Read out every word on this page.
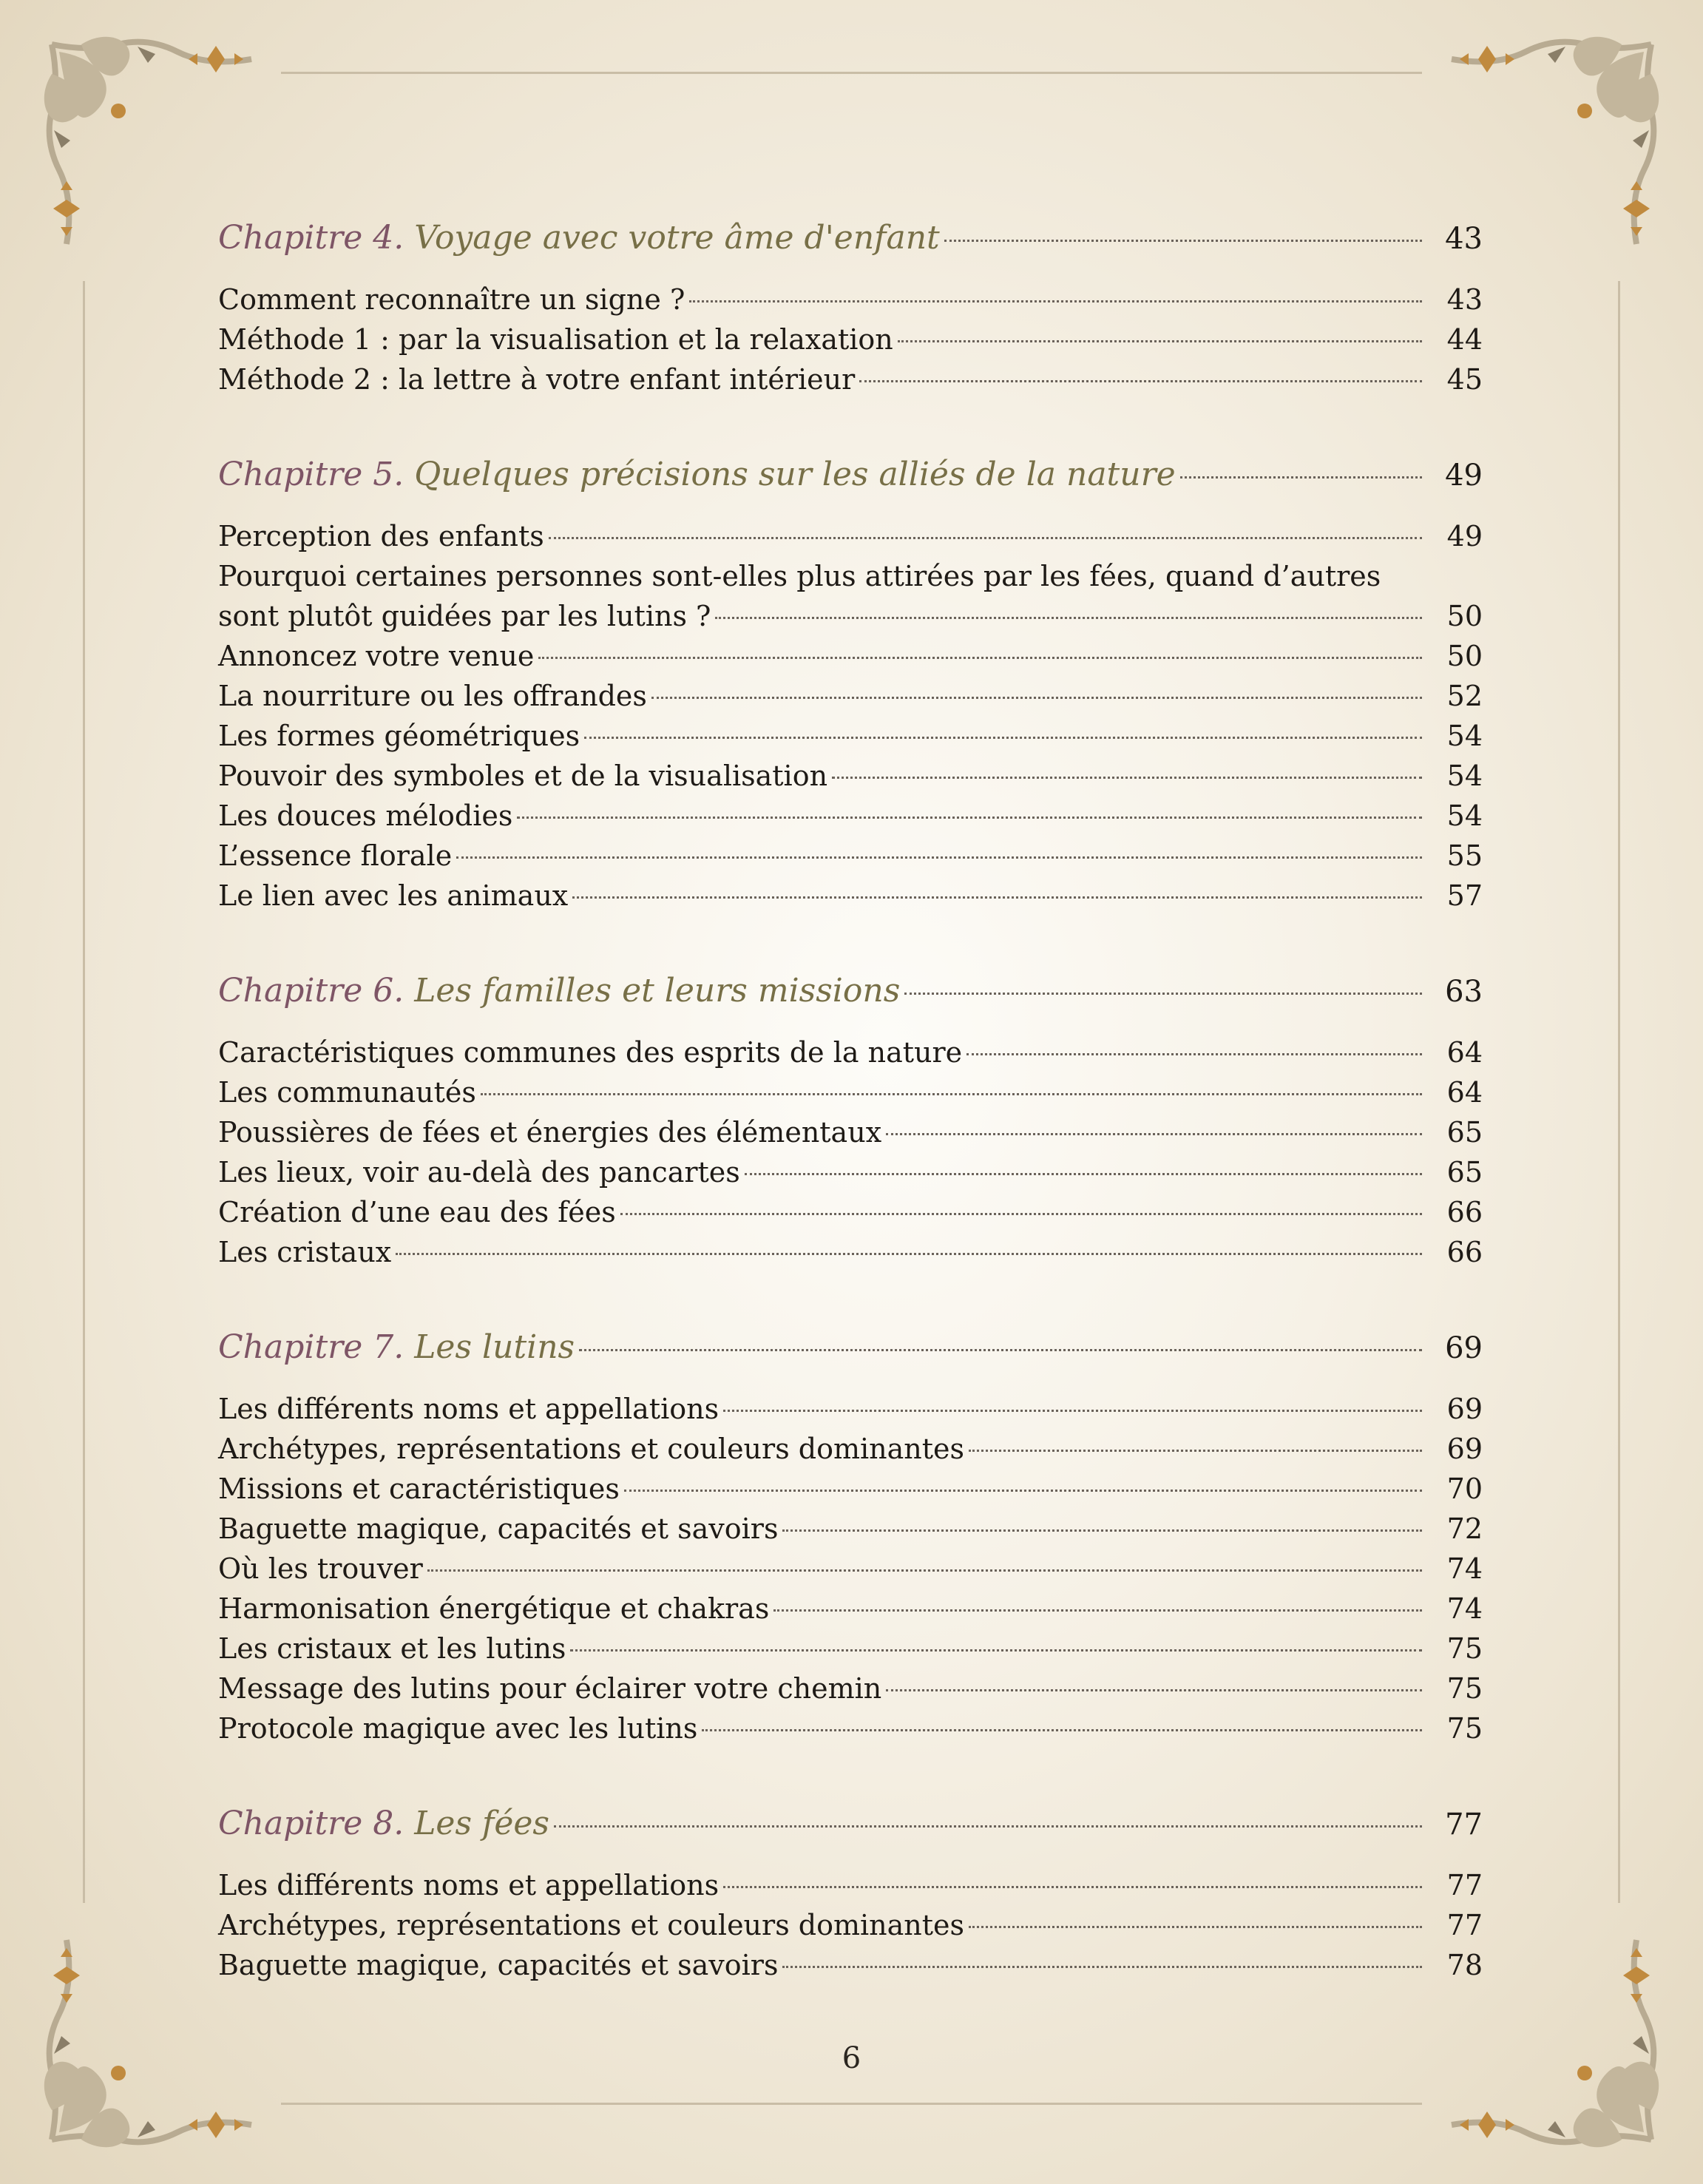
Chapitre 4. Voyage avec votre âme d'enfant	43
Comment reconnaître un signe ?	43
Méthode 1 : par la visualisation et la relaxation	44
Méthode 2 : la lettre à votre enfant intérieur	45
Chapitre 5. Quelques précisions sur les alliés de la nature	49
Perception des enfants	49
Pourquoi certaines personnes sont-elles plus attirées par les fées, quand d’autres
sont plutôt guidées par les lutins ?	50
Annoncez votre venue	50
La nourriture ou les offrandes	52
Les formes géométriques	54
Pouvoir des symboles et de la visualisation	54
Les douces mélodies	54
L’essence florale	55
Le lien avec les animaux	57
Chapitre 6. Les familles et leurs missions	63
Caractéristiques communes des esprits de la nature	64
Les communautés	64
Poussières de fées et énergies des élémentaux	65
Les lieux, voir au-delà des pancartes	65
Création d’une eau des fées	66
Les cristaux	66
Chapitre 7. Les lutins	69
Les différents noms et appellations	69
Archétypes, représentations et couleurs dominantes	69
Missions et caractéristiques	70
Baguette magique, capacités et savoirs	72
Où les trouver	74
Harmonisation énergétique et chakras	74
Les cristaux et les lutins	75
Message des lutins pour éclairer votre chemin	75
Protocole magique avec les lutins	75
Chapitre 8. Les fées	77
Les différents noms et appellations	77
Archétypes, représentations et couleurs dominantes	77
Baguette magique, capacités et savoirs	78
6
